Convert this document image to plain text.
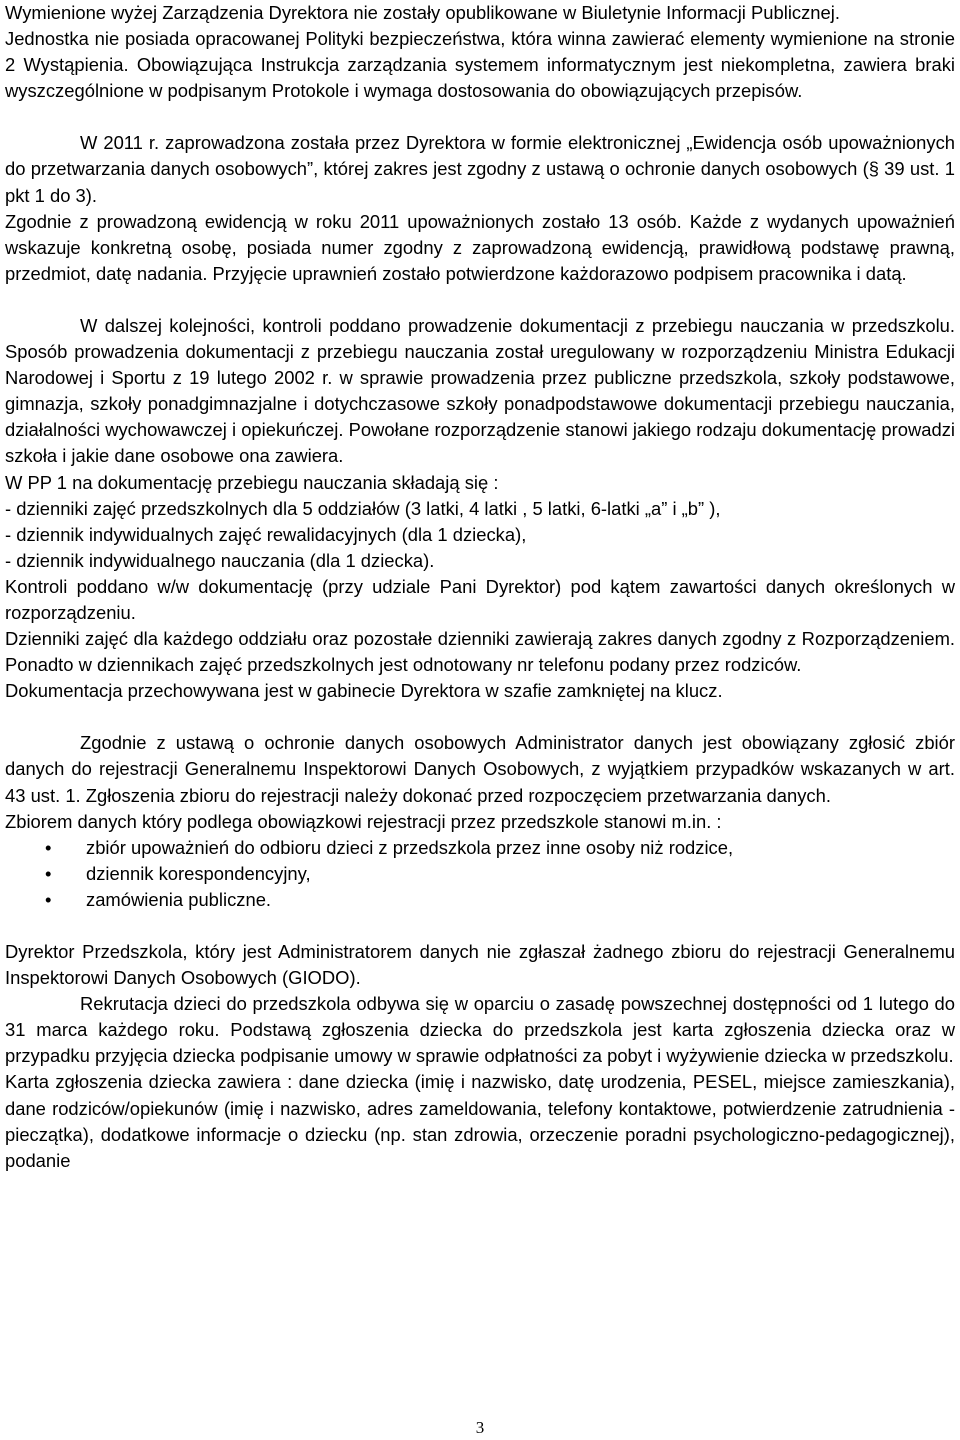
Wymienione wyżej Zarządzenia Dyrektora nie zostały opublikowane w Biuletynie Informacji Publicznej.

Jednostka nie posiada opracowanej Polityki bezpieczeństwa, która winna zawierać elementy wymienione na stronie 2 Wystąpienia. Obowiązująca Instrukcja zarządzania systemem informatycznym jest niekompletna, zawiera braki wyszczególnione w podpisanym Protokole i wymaga dostosowania do obowiązujących przepisów.

W 2011 r. zaprowadzona została przez Dyrektora w formie elektronicznej „Ewidencja osób upoważnionych do przetwarzania danych osobowych”, której zakres jest zgodny z ustawą o ochronie danych osobowych (§ 39 ust. 1 pkt 1 do 3).

Zgodnie z prowadzoną ewidencją w roku 2011 upoważnionych zostało 13 osób. Każde z wydanych upoważnień wskazuje konkretną osobę, posiada numer zgodny z zaprowadzoną ewidencją, prawidłową podstawę prawną, przedmiot, datę nadania. Przyjęcie uprawnień zostało potwierdzone każdorazowo podpisem pracownika i datą.

W dalszej kolejności, kontroli poddano prowadzenie dokumentacji z przebiegu nauczania w przedszkolu. Sposób prowadzenia dokumentacji z przebiegu nauczania został uregulowany w rozporządzeniu Ministra Edukacji Narodowej i Sportu z 19 lutego 2002 r. w sprawie prowadzenia przez publiczne przedszkola, szkoły podstawowe, gimnazja, szkoły ponadgimnazjalne i dotychczasowe szkoły ponadpodstawowe dokumentacji przebiegu nauczania, działalności wychowawczej i opiekuńczej. Powołane rozporządzenie stanowi jakiego rodzaju dokumentację prowadzi szkoła i jakie dane osobowe ona zawiera.

W PP 1 na dokumentację przebiegu nauczania składają się :

- dzienniki zajęć przedszkolnych dla 5 oddziałów (3 latki, 4 latki , 5 latki, 6-latki „a” i „b” ),

- dziennik indywidualnych zajęć rewalidacyjnych (dla 1 dziecka),

- dziennik indywidualnego nauczania (dla 1 dziecka).

Kontroli poddano w/w dokumentację (przy udziale Pani Dyrektor) pod kątem zawartości danych określonych w rozporządzeniu.

Dzienniki zajęć dla każdego oddziału oraz pozostałe dzienniki zawierają zakres danych zgodny z Rozporządzeniem. Ponadto w dziennikach zajęć przedszkolnych jest odnotowany nr telefonu podany przez rodziców.

Dokumentacja przechowywana jest w gabinecie Dyrektora w szafie zamkniętej na klucz.

Zgodnie z ustawą o ochronie danych osobowych Administrator danych jest obowiązany zgłosić zbiór danych do rejestracji Generalnemu Inspektorowi Danych Osobowych, z wyjątkiem przypadków wskazanych w art. 43 ust. 1. Zgłoszenia zbioru do rejestracji należy dokonać przed rozpoczęciem przetwarzania danych.

Zbiorem danych który podlega obowiązkowi rejestracji przez przedszkole stanowi m.in. :

• zbiór upoważnień do odbioru dzieci z przedszkola przez inne osoby niż rodzice,
• dziennik korespondencyjny,
• zamówienia publiczne.

Dyrektor Przedszkola, który jest Administratorem danych nie zgłaszał żadnego zbioru do rejestracji Generalnemu Inspektorowi Danych Osobowych (GIODO).

Rekrutacja dzieci do przedszkola odbywa się w oparciu o zasadę powszechnej dostępności od 1 lutego do 31 marca każdego roku. Podstawą zgłoszenia dziecka do przedszkola jest karta zgłoszenia dziecka oraz w przypadku przyjęcia dziecka podpisanie umowy w sprawie odpłatności za pobyt i wyżywienie dziecka w przedszkolu.

Karta zgłoszenia dziecka zawiera : dane dziecka (imię i nazwisko, datę urodzenia, PESEL, miejsce zamieszkania), dane rodziców/opiekunów (imię i nazwisko, adres zameldowania, telefony kontaktowe, potwierdzenie zatrudnienia - pieczątka), dodatkowe informacje o dziecku (np. stan zdrowia, orzeczenie poradni psychologiczno-pedagogicznej), podanie

3
